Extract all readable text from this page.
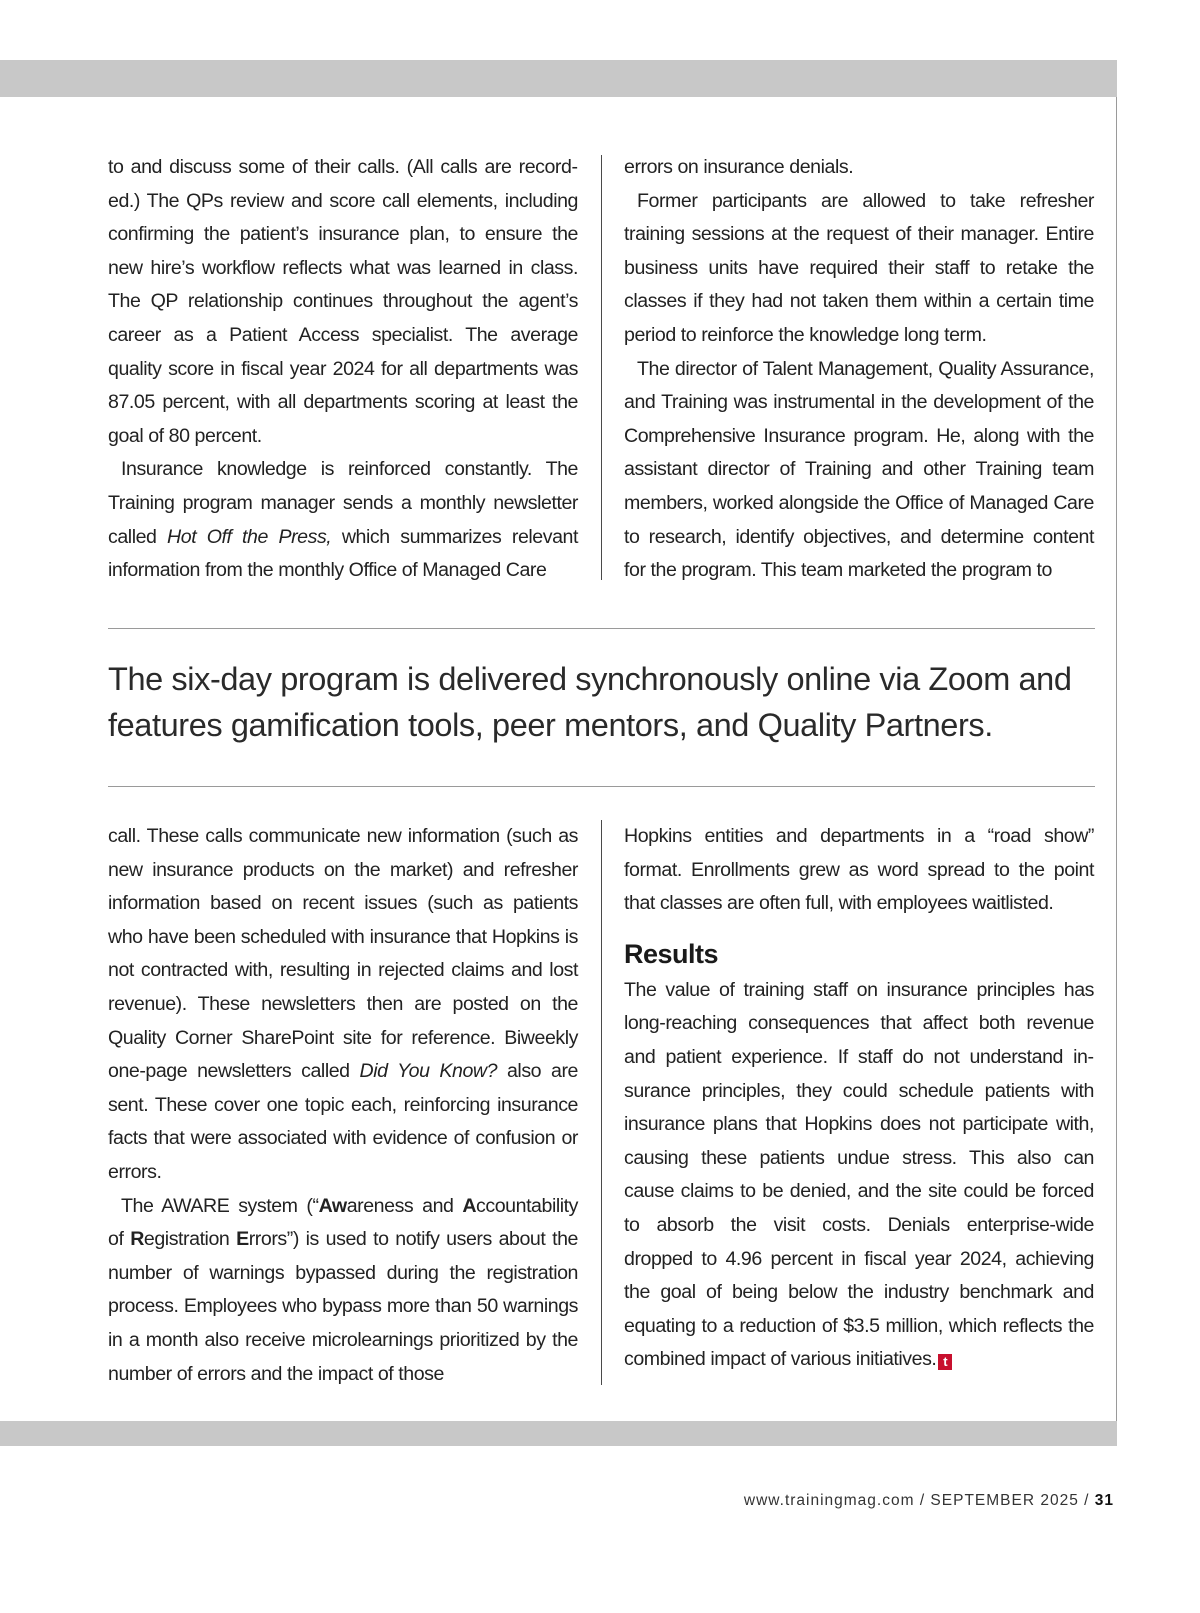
to and discuss some of their calls. (All calls are recorded.) The QPs review and score call elements, including confirming the patient’s insurance plan, to ensure the new hire’s workflow reflects what was learned in class. The QP relationship continues throughout the agent’s career as a Patient Access specialist. The average quality score in fiscal year 2024 for all departments was 87.05 percent, with all departments scoring at least the goal of 80 percent.

Insurance knowledge is reinforced constantly. The Training program manager sends a monthly newsletter called Hot Off the Press, which summarizes relevant information from the monthly Office of Managed Care

errors on insurance denials.

Former participants are allowed to take refresher training sessions at the request of their manager. Entire business units have required their staff to retake the classes if they had not taken them within a certain time period to reinforce the knowledge long term.

The director of Talent Management, Quality Assurance, and Training was instrumental in the development of the Comprehensive Insurance program. He, along with the assistant director of Training and other Training team members, worked alongside the Office of Managed Care to research, identify objectives, and determine content for the program. This team marketed the program to

The six-day program is delivered synchronously online via Zoom and features gamification tools, peer mentors, and Quality Partners.

call. These calls communicate new information (such as new insurance products on the market) and refresher information based on recent issues (such as patients who have been scheduled with insurance that Hopkins is not contracted with, resulting in rejected claims and lost revenue). These newsletters then are posted on the Quality Corner SharePoint site for reference. Biweekly one-page newsletters called Did You Know? also are sent. These cover one topic each, reinforcing insurance facts that were associated with evidence of confusion or errors.

The AWARE system (“Awareness and Accountability of Registration Errors”) is used to notify users about the number of warnings bypassed during the registration process. Employees who bypass more than 50 warnings in a month also receive microlearnings prioritized by the number of errors and the impact of those

Hopkins entities and departments in a “road show” format. Enrollments grew as word spread to the point that classes are often full, with employees waitlisted.

Results

The value of training staff on insurance principles has long-reaching consequences that affect both revenue and patient experience. If staff do not understand insurance principles, they could schedule patients with insurance plans that Hopkins does not participate with, causing these patients undue stress. This also can cause claims to be denied, and the site could be forced to absorb the visit costs. Denials enterprise-wide dropped to 4.96 percent in fiscal year 2024, achieving the goal of being below the industry benchmark and equating to a reduction of $3.5 million, which reflects the combined impact of various initiatives. t

www.trainingmag.com / SEPTEMBER 2025 / 31
